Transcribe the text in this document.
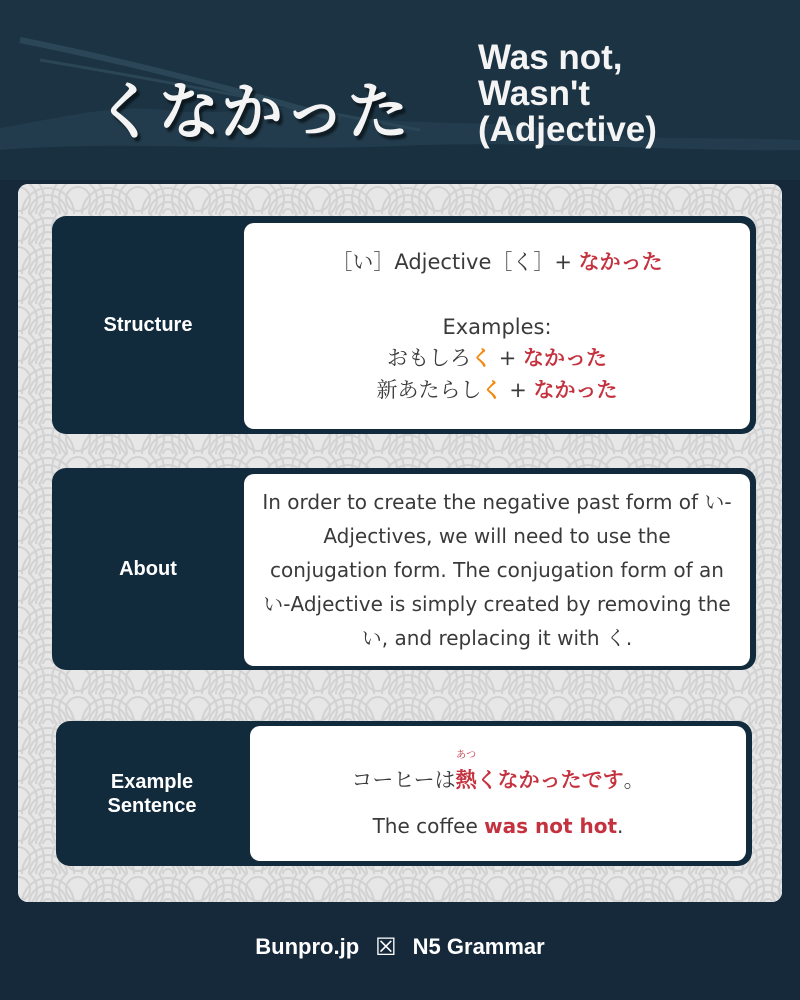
くなかった
Was not,
Wasn't
(Adjective)
Structure
［い］Adjective［く］+ なかった
Examples:
おもしろく + なかった
新あたらしく + なかった
About
In order to create the negative past form of い-Adjectives, we will need to use the conjugation form. The conjugation form of an い-Adjective is simply created by removing the い, and replacing it with く.
Example
Sentence
コーヒーは
あつ
熱くなかったです。
The coffee was not hot.
Bunpro.jp ☒ N5 Grammar
